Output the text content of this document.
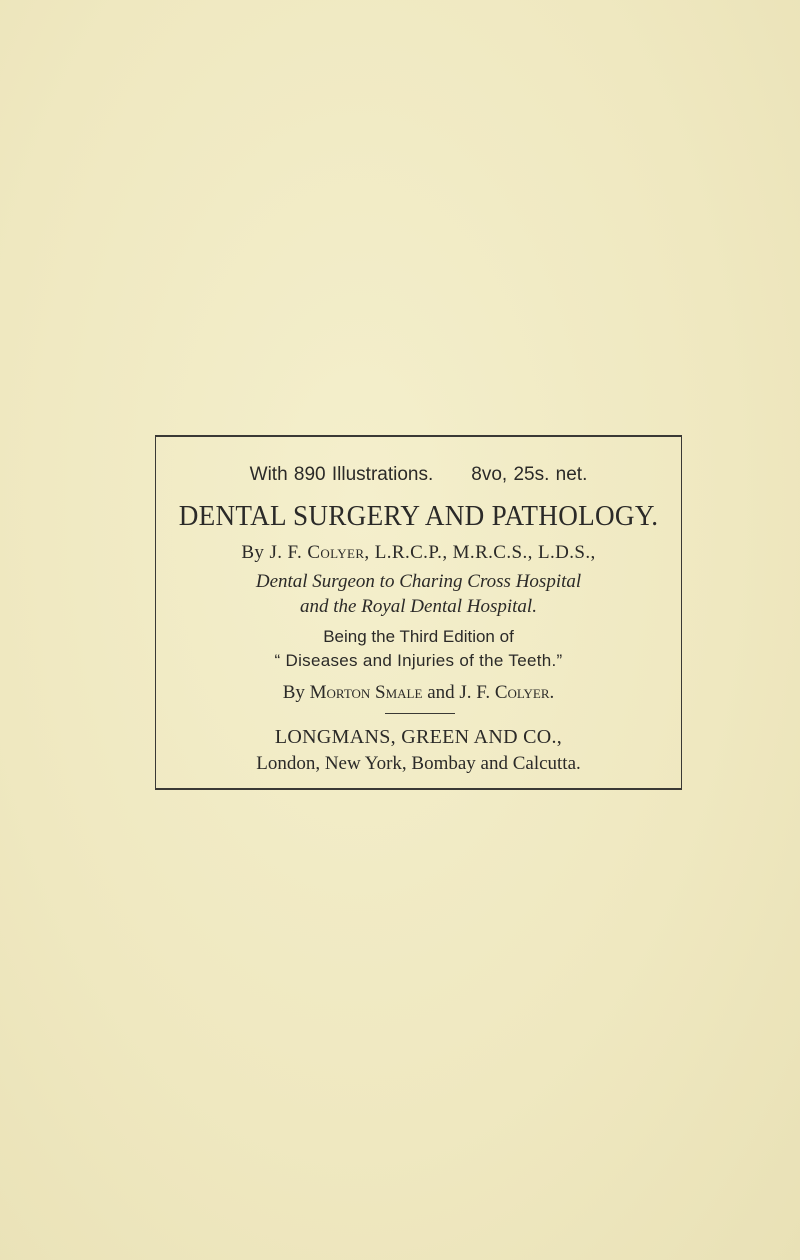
With 890 Illustrations. 8vo, 25s. net.
DENTAL SURGERY AND PATHOLOGY.
By J. F. Colyer, L.R.C.P., M.R.C.S., L.D.S.,
Dental Surgeon to Charing Cross Hospital
and the Royal Dental Hospital.
Being the Third Edition of
“ Diseases and Injuries of the Teeth.”
By Morton Smale and J. F. Colyer.
LONGMANS, GREEN AND CO.,
London, New York, Bombay and Calcutta.
